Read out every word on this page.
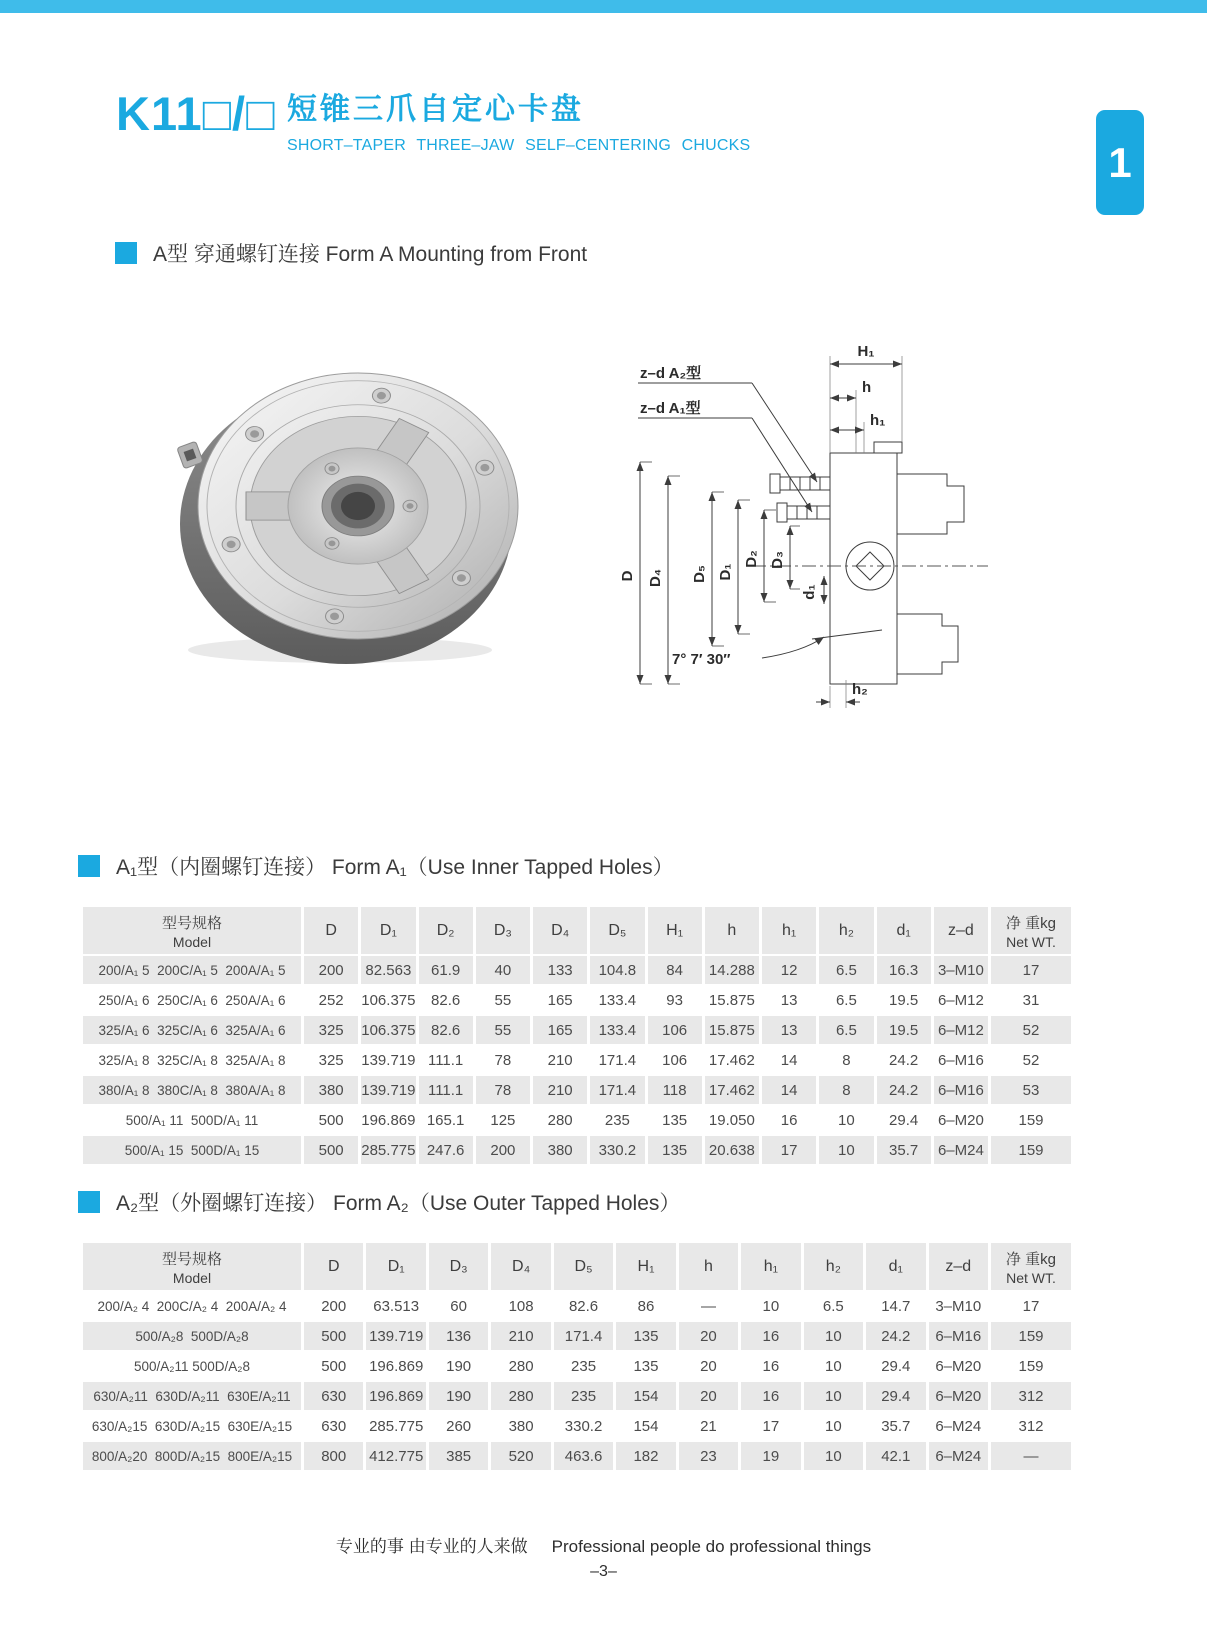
1
K11□/□ 短锥三爪自定心卡盘
SHORT–TAPER THREE–JAW SELF–CENTERING CHUCKS
A型 穿通螺钉连接 Form A Mounting from Front
z–d A₂型
z–d A₁型
H₁
h
h₁
D D₄ D₅ D₁
D₂ D₃
d₁
7° 7′ 30″
h₂
A₁型（内圈螺钉连接） Form A₁（Use Inner Tapped Holes）
型号规格
Model
	D	D₁	D₂	D₃	D₄	D₅	H₁	h	h₁	h₂	d₁	z–d	净 重kg
Net WT.

200/A₁ 5  200C/A₁ 5  200A/A₁ 5	200	82.563	61.9	40	133	104.8	84	14.288	12	6.5	16.3	3–M10	17
250/A₁ 6  250C/A₁ 6  250A/A₁ 6	252	106.375	82.6	55	165	133.4	93	15.875	13	6.5	19.5	6–M12	31
325/A₁ 6  325C/A₁ 6  325A/A₁ 6	325	106.375	82.6	55	165	133.4	106	15.875	13	6.5	19.5	6–M12	52
325/A₁ 8  325C/A₁ 8  325A/A₁ 8	325	139.719	111.1	78	210	171.4	106	17.462	14	8	24.2	6–M16	52
380/A₁ 8  380C/A₁ 8  380A/A₁ 8	380	139.719	111.1	78	210	171.4	118	17.462	14	8	24.2	6–M16	53
500/A₁ 11  500D/A₁ 11	500	196.869	165.1	125	280	235	135	19.050	16	10	29.4	6–M20	159
500/A₁ 15  500D/A₁ 15	500	285.775	247.6	200	380	330.2	135	20.638	17	10	35.7	6–M24	159
A₂型（外圈螺钉连接） Form A₂（Use Outer Tapped Holes）
型号规格
Model
	D	D₁	D₃	D₄	D₅	H₁	h	h₁	h₂	d₁	z–d	净 重kg
Net WT.

200/A₂ 4  200C/A₂ 4  200A/A₂ 4	200	63.513	60	108	82.6	86	—	10	6.5	14.7	3–M10	17
500/A₂8  500D/A₂8	500	139.719	136	210	171.4	135	20	16	10	24.2	6–M16	159
500/A₂11 500D/A₂8	500	196.869	190	280	235	135	20	16	10	29.4	6–M20	159
630/A₂11  630D/A₂11  630E/A₂11	630	196.869	190	280	235	154	20	16	10	29.4	6–M20	312
630/A₂15  630D/A₂15  630E/A₂15	630	285.775	260	380	330.2	154	21	17	10	35.7	6–M24	312
800/A₂20  800D/A₂15  800E/A₂15	800	412.775	385	520	463.6	182	23	19	10	42.1	6–M24	—
专业的事 由专业的人来做 Professional people do professional things
–3–
